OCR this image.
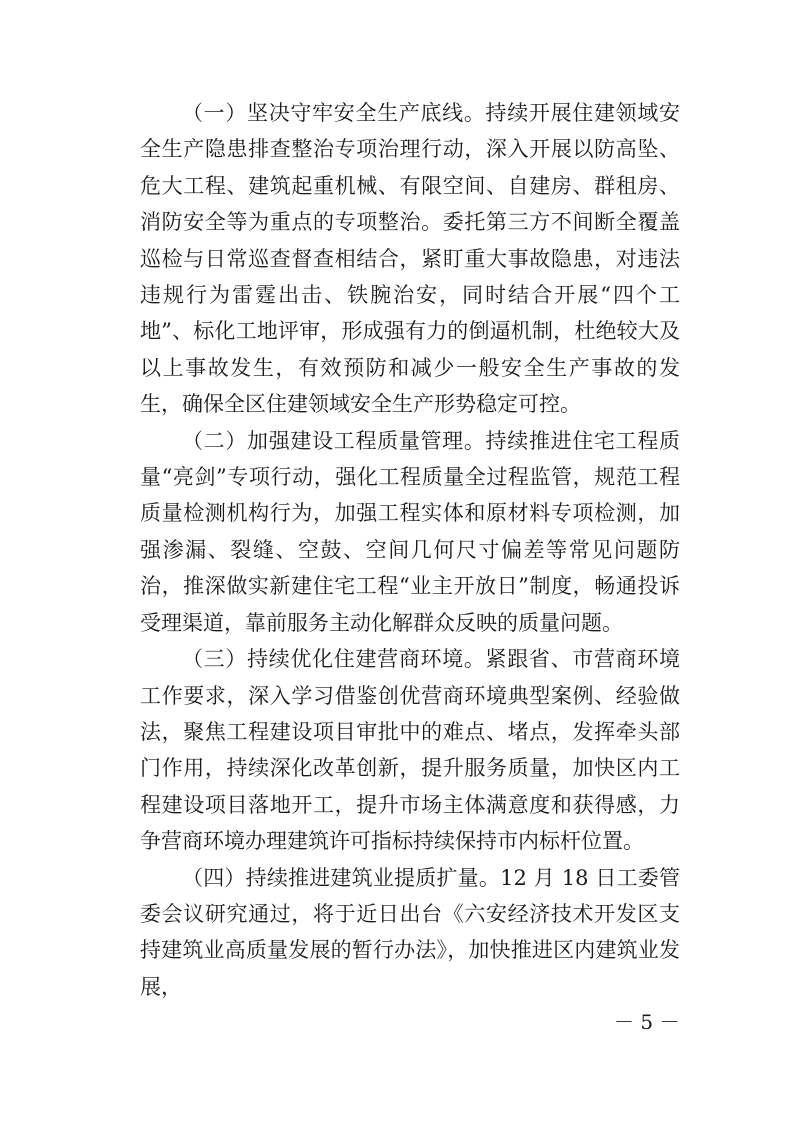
（一）坚决守牢安全生产底线。持续开展住建领域安全生产隐患排查整治专项治理行动，深入开展以防高坠、危大工程、建筑起重机械、有限空间、自建房、群租房、消防安全等为重点的专项整治。委托第三方不间断全覆盖巡检与日常巡查督查相结合，紧盯重大事故隐患，对违法违规行为雷霆出击、铁腕治安，同时结合开展“四个工地”、标化工地评审，形成强有力的倒逼机制，杜绝较大及以上事故发生，有效预防和减少一般安全生产事故的发生，确保全区住建领域安全生产形势稳定可控。

（二）加强建设工程质量管理。持续推进住宅工程质量“亮剑”专项行动，强化工程质量全过程监管，规范工程质量检测机构行为，加强工程实体和原材料专项检测，加强渗漏、裂缝、空鼓、空间几何尺寸偏差等常见问题防治，推深做实新建住宅工程“业主开放日”制度，畅通投诉受理渠道，靠前服务主动化解群众反映的质量问题。

（三）持续优化住建营商环境。紧跟省、市营商环境工作要求，深入学习借鉴创优营商环境典型案例、经验做法，聚焦工程建设项目审批中的难点、堵点，发挥牵头部门作用，持续深化改革创新，提升服务质量，加快区内工程建设项目落地开工，提升市场主体满意度和获得感，力争营商环境办理建筑许可指标持续保持市内标杆位置。

（四）持续推进建筑业提质扩量。12 月 18 日工委管委会议研究通过，将于近日出台《六安经济技术开发区支持建筑业高质量发展的暂行办法》，加快推进区内建筑业发展，

－ 5 －
